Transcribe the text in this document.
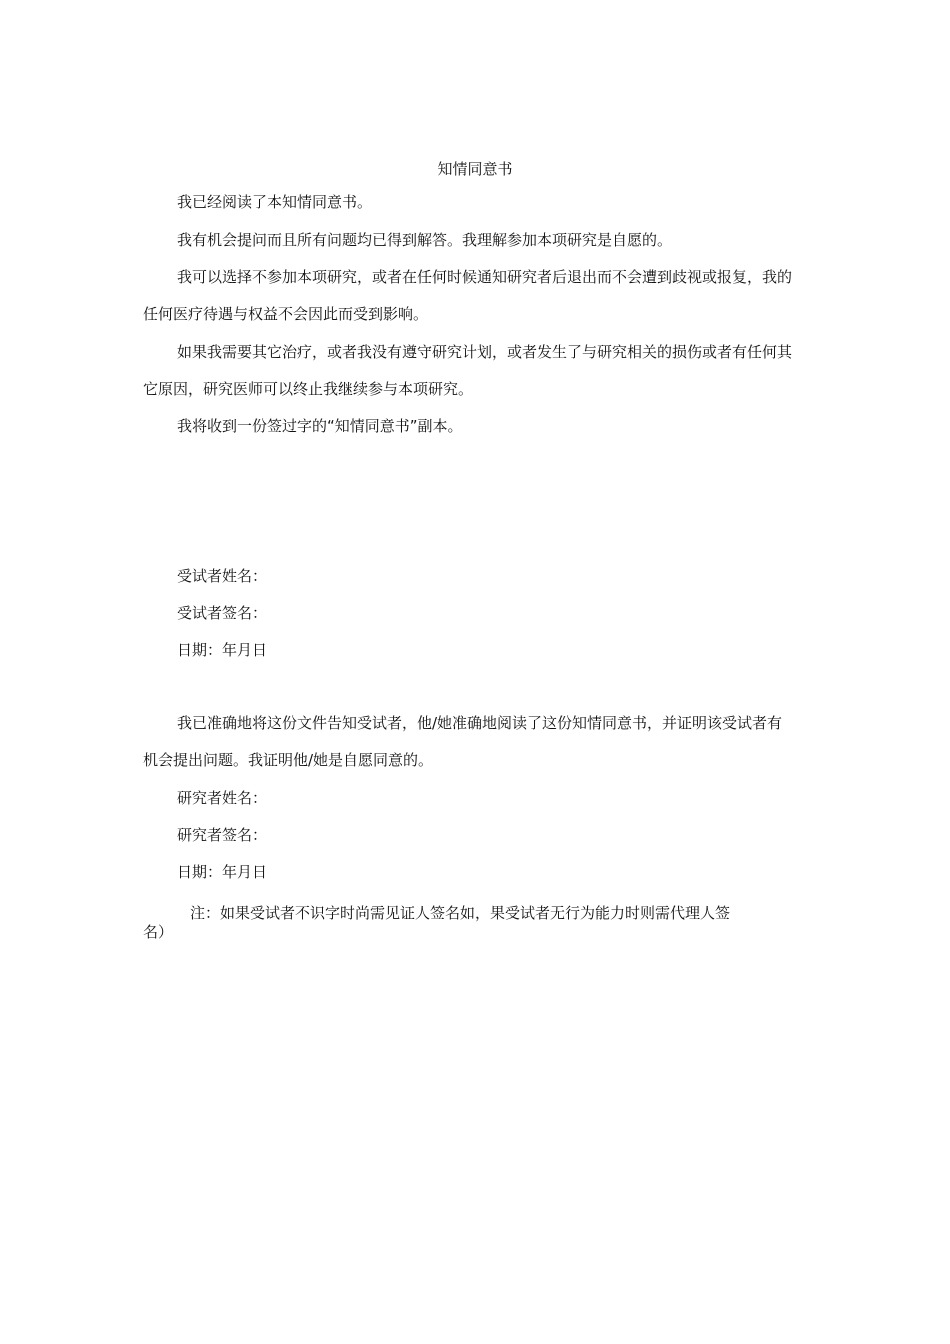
知情同意书
我已经阅读了本知情同意书。
我有机会提问而且所有问题均已得到解答。我理解参加本项研究是自愿的。
我可以选择不参加本项研究，或者在任何时候通知研究者后退出而不会遭到歧视或报复，我的
任何医疗待遇与权益不会因此而受到影响。
如果我需要其它治疗，或者我没有遵守研究计划，或者发生了与研究相关的损伤或者有任何其
它原因，研究医师可以终止我继续参与本项研究。
我将收到一份签过字的“知情同意书”副本。
受试者姓名：
受试者签名：
日期：年月日
我已准确地将这份文件告知受试者，他/她准确地阅读了这份知情同意书，并证明该受试者有
机会提出问题。我证明他/她是自愿同意的。
研究者姓名：
研究者签名：
日期：年月日
注：如果受试者不识字时尚需见证人签名如，果受试者无行为能力时则需代理人签
名）
